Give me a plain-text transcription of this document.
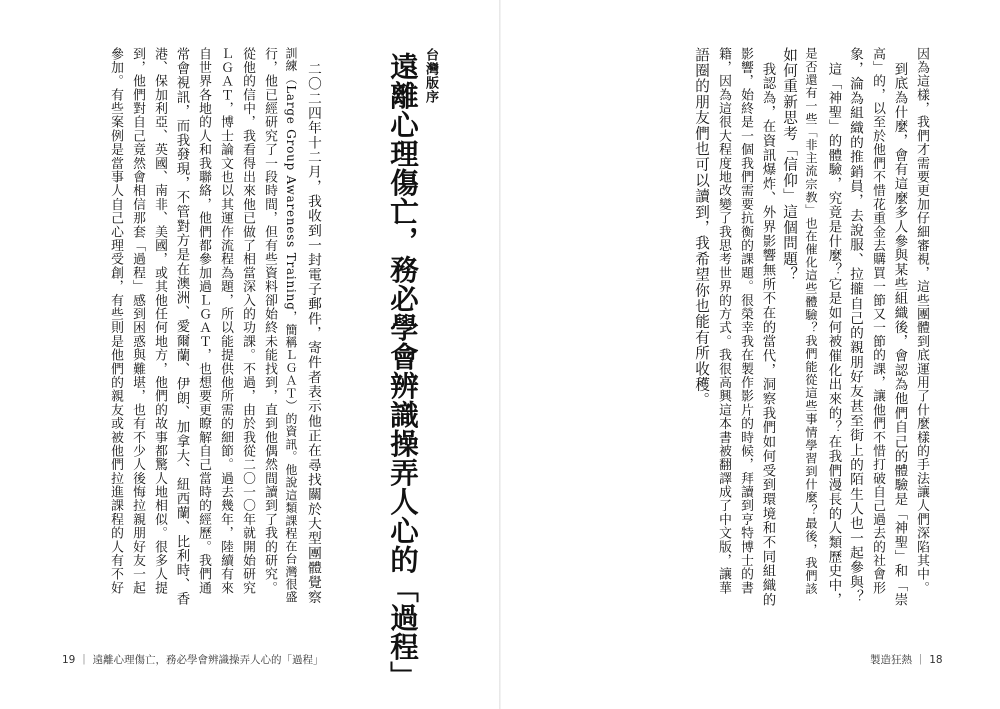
因為這樣，我們才需要更加仔細審視，這些團體到底運用了什麼樣的手法讓人們深陷其中。
到底為什麼，會有這麼多人參與某些組織後，會認為他們自己的體驗是「神聖」和「崇
高」的，以至於他們不惜花重金去購買一節又一節的課，讓他們不惜打破自己過去的社會形
象，淪為組織的推銷員，去說服、拉攏自己的親朋好友甚至街上的陌生人也一起參與？
這「神聖」的體驗，究竟是什麼？它是如何被催化出來的？在我們漫長的人類歷史中，
是否還有一些「非主流宗教」也在催化這些體驗？我們能從這些事情學習到什麼？最後，我們該
如何重新思考「信仰」這個問題？
我認為，在資訊爆炸、外界影響無所不在的當代，洞察我們如何受到環境和不同組織的
影響，始終是一個我們需要抗衡的課題。很榮幸我在製作影片的時候，拜讀到亨特博士的書
籍，因為這很大程度地改變了我思考世界的方式。我很高興這本書被翻譯成了中文版，讓華
語圈的朋友們也可以讀到，我希望你也能有所收穫。
製造狂熱 ｜ 18
台灣版序
遠離心理傷亡，務必學會辨識操弄人心的「過程」
二〇二四年十二月，我收到一封電子郵件，寄件者表示他正在尋找關於大型團體覺察
訓練（Large Group Awareness Training，簡稱ＬＧＡＴ）的資訊。他說這類課程在台灣很盛
行，他已經研究了一段時間，但有些資料卻始終未能找到，直到他偶然間讀到了我的研究。
從他的信中，我看得出來他已做了相當深入的功課。不過，由於我從二〇一〇年就開始研究
ＬＧＡＴ，博士論文也以其運作流程為題，所以能提供他所需的細節。過去幾年，陸續有來
自世界各地的人和我聯絡，他們都參加過ＬＧＡＴ，也想要更瞭解自己當時的經歷。我們通
常會視訊，而我發現，不管對方是在澳洲、愛爾蘭、伊朗、加拿大、紐西蘭、比利時、香
港、保加利亞、英國、南非、美國，或其他任何地方，他們的故事都驚人地相似。很多人提
到，他們對自己竟然會相信那套「過程」感到困惑與難堪，也有不少人後悔拉親朋好友一起
參加。有些案例是當事人自己心理受創，有些則是他們的親友或被他們拉進課程的人有不好
19 ｜ 遠離心理傷亡，務必學會辨識操弄人心的「過程」
